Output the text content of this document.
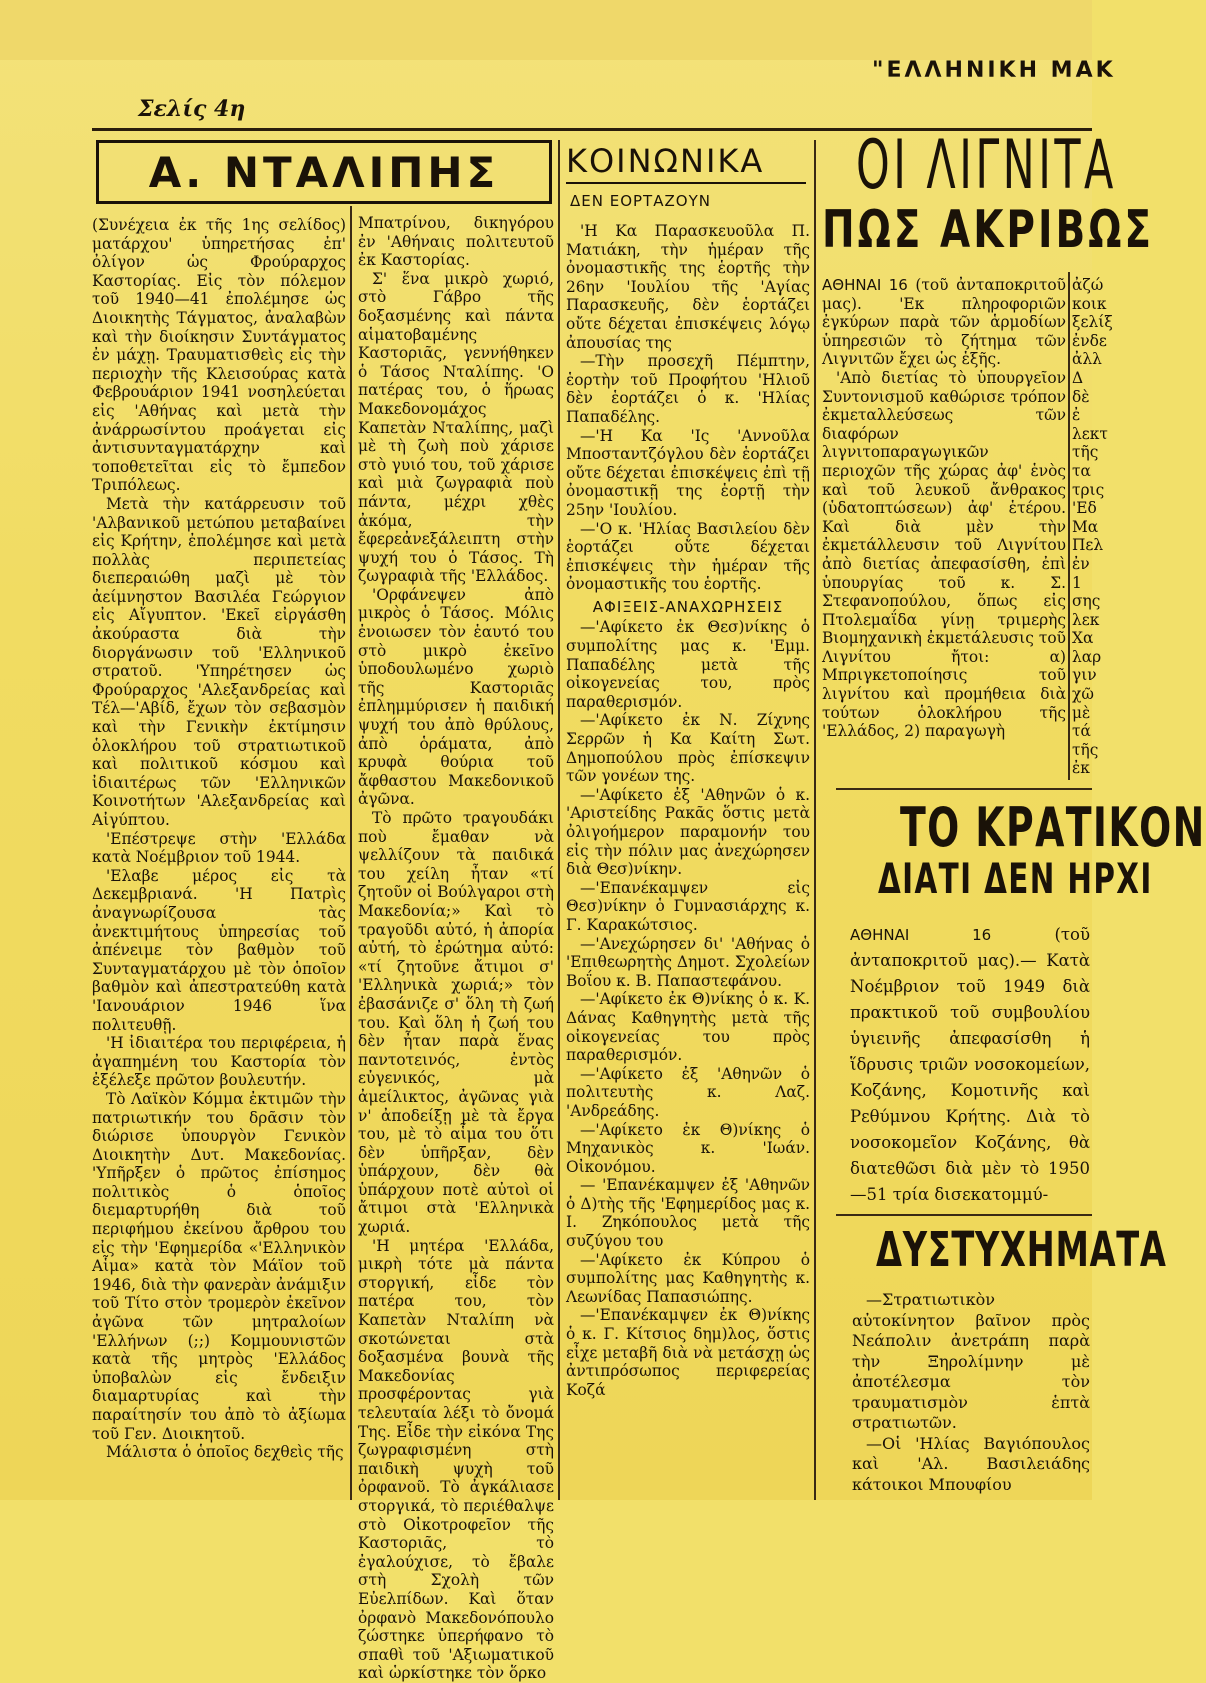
"ΕΛΛΗΝΙΚΗ ΜΑΚ
Σελίς 4η
Α. ΝΤΑΛΙΠΗΣ

(Συνέχεια ἐκ τῆς 1ης σελίδος) ματάρχου' ὑπηρετήσας ἐπ' ὀλίγον ὡς Φρούραρχος Καστορίας. Εἰς τὸν πόλεμον τοῦ 1940—41 ἐπολέμησε ὡς Διοικητὴς Τάγματος, ἀναλαβὼν καὶ τὴν διοίκησιν Συντάγματος ἐν μάχῃ. Τραυματισθεὶς εἰς τὴν περιοχὴν τῆς Κλεισούρας κατὰ Φεβρουάριον 1941 νοσηλεύεται εἰς 'Αθήνας καὶ μετὰ τὴν ἀνάρρωσίντου προάγεται εἰς ἀντισυνταγματάρχην καὶ τοποθετεῖται εἰς τὸ ἔμπεδον Τριπόλεως.

Μετὰ τὴν κατάρρευσιν τοῦ 'Αλβανικοῦ μετώπου μεταβαίνει εἰς Κρήτην, ἐπολέμησε καὶ μετὰ πολλὰς περιπετείας διεπεραιώθη μαζὶ μὲ τὸν ἀείμνηστον Βασιλέα Γεώργιον εἰς Αἴγυπτον. 'Εκεῖ εἰργάσθη ἀκούραστα διὰ τὴν διοργάνωσιν τοῦ 'Ελληνικοῦ στρατοῦ. 'Υπηρέτησεν ὡς Φρούραρχος 'Αλεξανδρείας καὶ Τέλ—'Αβίδ, ἔχων τὸν σεβασμὸν καὶ τὴν Γενικὴν ἐκτίμησιν ὁλοκλήρου τοῦ στρατιωτικοῦ καὶ πολιτικοῦ κόσμου καὶ ἰδιαιτέρως τῶν 'Ελληνικῶν Κοινοτήτων 'Αλεξανδρείας καὶ Αἰγύπτου.

'Επέστρεψε στὴν 'Ελλάδα κατὰ Νοέμβριον τοῦ 1944.

'Ελαβε μέρος εἰς τὰ Δεκεμβριανά. 'Η Πατρὶς ἀναγνωρίζουσα τὰς ἀνεκτιμήτους ὑπηρεσίας τοῦ ἀπένειμε τὸν βαθμὸν τοῦ Συνταγματάρχου μὲ τὸν ὁποῖον βαθμὸν καὶ ἀπεστρατεύθη κατὰ 'Ιανουάριον 1946 ἵνα πολιτευθῇ.

'Η ἰδιαιτέρα του περιφέρεια, ἡ ἀγαπημένη του Καστορία τὸν ἐξέλεξε πρῶτον βουλευτήν.

Τὸ Λαϊκὸν Κόμμα ἐκτιμῶν τὴν πατριωτικήν του δρᾶσιν τὸν διώρισε ὑπουργὸν Γενικὸν Διοικητὴν Δυτ. Μακεδονίας. 'Υπῆρξεν ὁ πρῶτος ἐπίσημος πολιτικὸς ὁ ὁποῖος διεμαρτυρήθη διὰ τοῦ περιφήμου ἐκείνου ἄρθρου του εἰς τὴν 'Εφημερίδα «'Ελληνικὸν Αἷμα» κατὰ τὸν Μάϊον τοῦ 1946, διὰ τὴν φανερὰν ἀνάμιξιν τοῦ Τίτο στὸν τρομερὸν ἐκεῖνον ἀγῶνα τῶν μητραλοίων 'Ελλήνων (;;) Κομμουνιστῶν κατὰ τῆς μητρὸς 'Ελλάδος ὑποβαλὼν εἰς ἔνδειξιν διαμαρτυρίας καὶ τὴν παραίτησίν του ἀπὸ τὸ ἀξίωμα τοῦ Γεν. Διοικητοῦ.

Μάλιστα ὁ ὁποῖος δεχθεὶς τῆς

Μπατρίνου, δικηγόρου ἐν 'Αθήναις πολιτευτοῦ ἐκ Καστορίας.

Σ' ἕνα μικρὸ χωριό, στὸ Γάβρο τῆς δοξασμένης καὶ πάντα αἱματοβαμένης Καστοριᾶς, γεννήθηκεν ὁ Τάσος Νταλίπης. 'Ο πατέρας του, ὁ ἥρωας Μακεδονομάχος Καπετὰν Νταλίπης, μαζὶ μὲ τὴ ζωὴ ποὺ χάρισε στὸ γυιό του, τοῦ χάρισε καὶ μιὰ ζωγραφιὰ ποὺ πάντα, μέχρι χθὲς ἀκόμα, τὴν ἔφερεἀνεξάλειπτη στὴν ψυχή του ὁ Τάσος. Τὴ ζωγραφιὰ τῆς 'Ελλάδος.

'Ορφάνεψεν ἀπὸ μικρὸς ὁ Τάσος. Μόλις ἐνοιωσεν τὸν ἑαυτό του στὸ μικρὸ ἐκεῖνο ὑποδουλωμένο χωριὸ τῆς Καστοριᾶς ἐπλημμύρισεν ἡ παιδική ψυχή του ἀπὸ θρύλους, ἀπὸ ὁράματα, ἀπὸ κρυφὰ θούρια τοῦ ἄφθαστου Μακεδονικοῦ ἀγῶνα.

Τὸ πρῶτο τραγουδάκι ποὺ ἔμαθαν νὰ ψελλίζουν τὰ παιδικά του χείλη ἦταν «τί ζητοῦν οἱ Βούλγαροι στὴ Μακεδονία;» Καὶ τὸ τραγοῦδι αὐτό, ἡ ἀπορία αὐτή, τὸ ἐρώτημα αὐτό: «τί ζητοῦνε ἄτιμοι σ' 'Ελληνικὰ χωριά;» τὸν ἐβασάνιζε σ' ὅλη τὴ ζωή του. Καὶ ὅλη ἡ ζωή του δὲν ἦταν παρὰ ἕνας παντοτεινός, ἐντὸς εὐγενικός, μὰ ἀμείλικτος, ἀγῶνας γιὰ ν' ἀποδείξῃ μὲ τὰ ἔργα του, μὲ τὸ αἷμα του ὅτι δὲν ὑπῆρξαν, δὲν ὑπάρχουν, δὲν θὰ ὑπάρχουν ποτὲ αὐτοὶ οἱ ἄτιμοι στὰ 'Ελληνικὰ χωριά.

'Η μητέρα 'Ελλάδα, μικρὴ τότε μὰ πάντα στοργική, εἶδε τὸν πατέρα του, τὸν Καπετὰν Νταλίπη νὰ σκοτώνεται στὰ δοξασμένα βουνὰ τῆς Μακεδονίας προσφέροντας γιὰ τελευταία λέξι τὸ ὄνομά Της. Εἶδε τὴν εἰκόνα Της ζωγραφισμένη στὴ παιδικὴ ψυχὴ τοῦ ὀρφανοῦ. Τὸ ἀγκάλιασε στοργικά, τὸ περιέθαλψε στὸ Οἰκοτροφεῖον τῆς Καστοριᾶς, τὸ ἐγαλούχισε, τὸ ἔβαλε στὴ Σχολὴ τῶν Εὐελπίδων. Καὶ ὅταν ὀρφανὸ Μακεδονόπουλο ζώστηκε ὑπερήφανο τὸ σπαθὶ τοῦ 'Αξιωματικοῦ καὶ ὡρκίστηκε τὸν ὅρκο

ΚΟΙΝΩΝΙΚΑ
ΔΕΝ ΕΟΡΤΑΖΟΥΝ

'Η Κα Παρασκευοῦλα Π. Ματιάκη, τὴν ἡμέραν τῆς ὀνομαστικῆς της ἑορτῆς τὴν 26ην 'Ιουλίου τῆς 'Αγίας Παρασκευῆς, δὲν ἑορτάζει οὔτε δέχεται ἐπισκέψεις λόγῳ ἀπουσίας της

—Τὴν προσεχῆ Πέμπτην, ἑορτὴν τοῦ Προφήτου 'Ηλιοῦ δὲν ἑορτάζει ὁ κ. 'Ηλίας Παπαδέλης.

—'Η Κα 'Ις 'Αννοῦλα Μποσταντζόγλου δὲν ἑορτάζει οὔτε δέχεται ἐπισκέψεις ἐπὶ τῇ ὀνομαστικῇ της ἑορτῇ τὴν 25ην 'Ιουλίου.

—'Ο κ. 'Ηλίας Βασιλείου δὲν ἑορτάζει οὔτε δέχεται ἐπισκέψεις τὴν ἡμέραν τῆς ὀνομαστικῆς του ἑορτῆς.

ΑΦΙΞΕΙΣ-ΑΝΑΧΩΡΗΣΕΙΣ

—'Αφίκετο ἐκ Θεσ)νίκης ὁ συμπολίτης μας κ. 'Εμμ. Παπαδέλης μετὰ τῆς οἰκογενείας του, πρὸς παραθερισμόν.

—'Αφίκετο ἐκ Ν. Ζίχνης Σερρῶν ἡ Κα Καίτη Σωτ. Δημοπούλου πρὸς ἐπίσκεψιν τῶν γονέων της.

—'Αφίκετο ἐξ 'Αθηνῶν ὁ κ. 'Αριστείδης Ρακᾶς ὅστις μετὰ ὀλιγοήμερον παραμονήν του εἰς τὴν πόλιν μας ἀνεχώρησεν διὰ Θεσ)νίκην.

—'Επανέκαμψεν εἰς Θεσ)νίκην ὁ Γυμνασιάρχης κ. Γ. Καρακώτσιος.

—'Ανεχώρησεν δι' 'Αθήνας ὁ 'Επιθεωρητὴς Δημοτ. Σχολείων Βοΐου κ. Β. Παπαστεφάνου.

—'Αφίκετο ἐκ Θ)νίκης ὁ κ. Κ. Δάνας Καθηγητὴς μετὰ τῆς οἰκογενείας του πρὸς παραθερισμόν.

—'Αφίκετο ἐξ 'Αθηνῶν ὁ πολιτευτὴς κ. Λαζ. 'Ανδρεάδης.

—'Αφίκετο ἐκ Θ)νίκης ὁ Μηχανικὸς κ. 'Ιωάν. Οἰκονόμου.

— 'Επανέκαμψεν ἐξ 'Αθηνῶν ὁ Δ)τὴς τῆς 'Εφημερίδος μας κ. Ι. Ζηκόπουλος μετὰ τῆς συζύγου του

—'Αφίκετο ἐκ Κύπρου ὁ συμπολίτης μας Καθηγητὴς κ. Λεωνίδας Παπασιώπης.

—'Επανέκαμψεν ἐκ Θ)νίκης ὁ κ. Γ. Κίτσιος δημ)λος, ὅστις εἶχε μεταβῆ διὰ νὰ μετάσχῃ ὡς ἀντιπρόσωπος περιφερείας Κοζά

ΟΙ ΛΙΓΝΙΤΑ
ΠΩΣ ΑΚΡΙΒΩΣ

ΑΘΗΝΑΙ 16 (τοῦ ἀνταποκριτοῦ μας). 'Εκ πληροφοριῶν ἐγκύρων παρὰ τῶν ἁρμοδίων ὑπηρεσιῶν τὸ ζήτημα τῶν Λιγνιτῶν ἔχει ὡς ἑξῆς.

'Απὸ διετίας τὸ ὑπουργεῖον Συντονισμοῦ καθώρισε τρόπον ἐκμεταλλεύσεως τῶν διαφόρων λιγνιτοπαραγωγικῶν περιοχῶν τῆς χώρας ἀφ' ἑνὸς καὶ τοῦ λευκοῦ ἄνθρακος (ὑδατοπτώσεων) ἀφ' ἑτέρου. Καὶ διὰ μὲν τὴν ἐκμετάλλευσιν τοῦ Λιγνίτου ἀπὸ διετίας ἀπεφασίσθη, ἐπὶ ὑπουργίας τοῦ κ. Σ. Στεφανοπούλου, ὅπως εἰς Πτολεμαΐδα γίνῃ τριμερὴς Βιομηχανικὴ ἐκμετάλευσις τοῦ Λιγνίτου ἤτοι: α) Μπριγκετοποίησις τοῦ λιγνίτου καὶ προμήθεια διὰ τούτων ὁλοκλήρου τῆς 'Ελλάδος, 2) παραγωγὴ

ἀζώ
κοικ
ξελίξ
ἐνδε
ἀλλ
Δ
δὲ ἐ
λεκτ
τῆς
τα
τρις
'Εδ
Μα
Πελ
ἐν 1
σης
λεκ
Χα
λαρ
γιν
χῶ
μὲ
τά
τῆς
ἐκ
ΤΟ ΚΡΑΤΙΚΟΝ
ΔΙΑΤΙ ΔΕΝ ΗΡΧΙ

ΑΘΗΝΑΙ 16	(τοῦ ἀνταποκριτοῦ μας).— Κατὰ Νοέμβριον τοῦ 1949 διὰ πρακτικοῦ τοῦ συμβουλίου ὑγιεινῆς ἀπεφασίσθη ἡ ἵδρυσις τριῶν νοσοκομείων, Κοζάνης, Κομοτινῆς καὶ Ρεθύμνου Κρήτης. Διὰ τὸ νοσοκομεῖον Κοζάνης, θὰ διατεθῶσι διὰ μὲν τὸ 1950—51 τρία δισεκατομμύ-

ΔΥΣΤΥΧΗΜΑΤΑ

—Στρατιωτικὸν αὐτοκίνητον βαῖνον πρὸς Νεάπολιν ἀνετράπη παρὰ τὴν Ξηρολίμνην μὲ ἀποτέλεσμα τὸν τραυματισμὸν ἑπτὰ στρατιωτῶν.

—Οἱ 'Ηλίας Βαγιόπουλος καὶ 'Αλ. Βασιλειάδης κάτοικοι Μπουφίου
